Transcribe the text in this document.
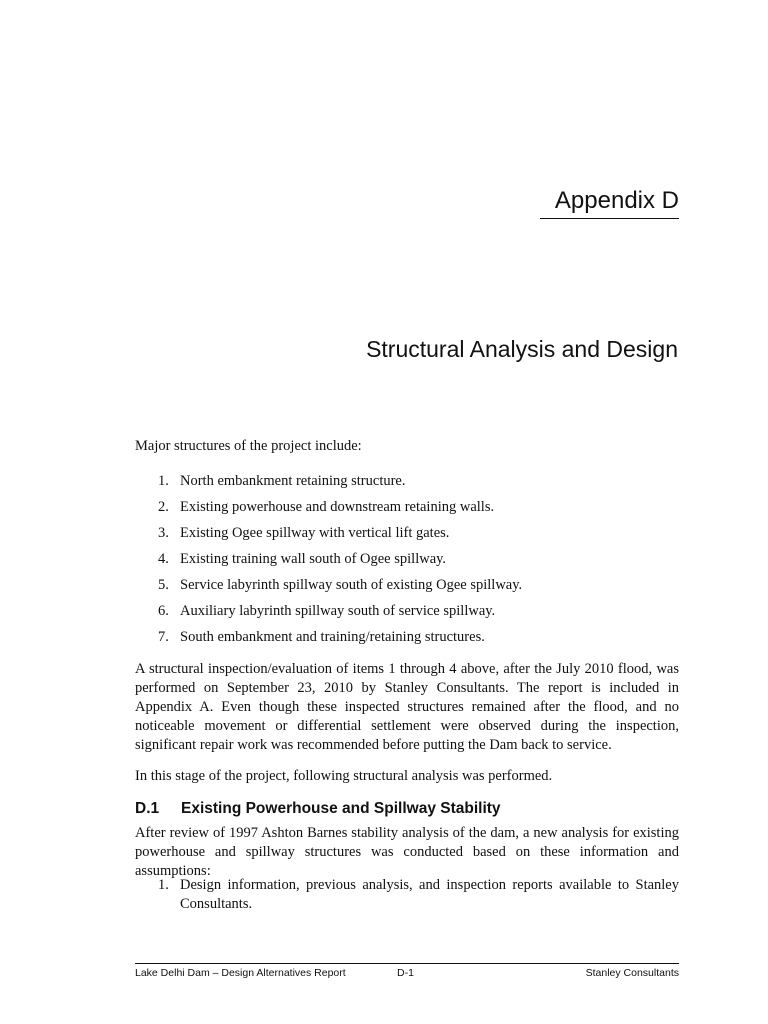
Appendix D
Structural Analysis and Design
Major structures of the project include:
1. North embankment retaining structure.
2. Existing powerhouse and downstream retaining walls.
3. Existing Ogee spillway with vertical lift gates.
4. Existing training wall south of Ogee spillway.
5. Service labyrinth spillway south of existing Ogee spillway.
6. Auxiliary labyrinth spillway south of service spillway.
7. South embankment and training/retaining structures.

A structural inspection/evaluation of items 1 through 4 above, after the July 2010 flood, was performed on September 23, 2010 by Stanley Consultants. The report is included in Appendix A. Even though these inspected structures remained after the flood, and no noticeable movement or differential settlement were observed during the inspection, significant repair work was recommended before putting the Dam back to service.

In this stage of the project, following structural analysis was performed.

D.1 Existing Powerhouse and Spillway Stability

After review of 1997 Ashton Barnes stability analysis of the dam, a new analysis for existing powerhouse and spillway structures was conducted based on these information and assumptions:

1. Design information, previous analysis, and inspection reports available to Stanley Consultants.
Lake Delhi Dam – Design Alternatives Report	D-1	Stanley Consultants
